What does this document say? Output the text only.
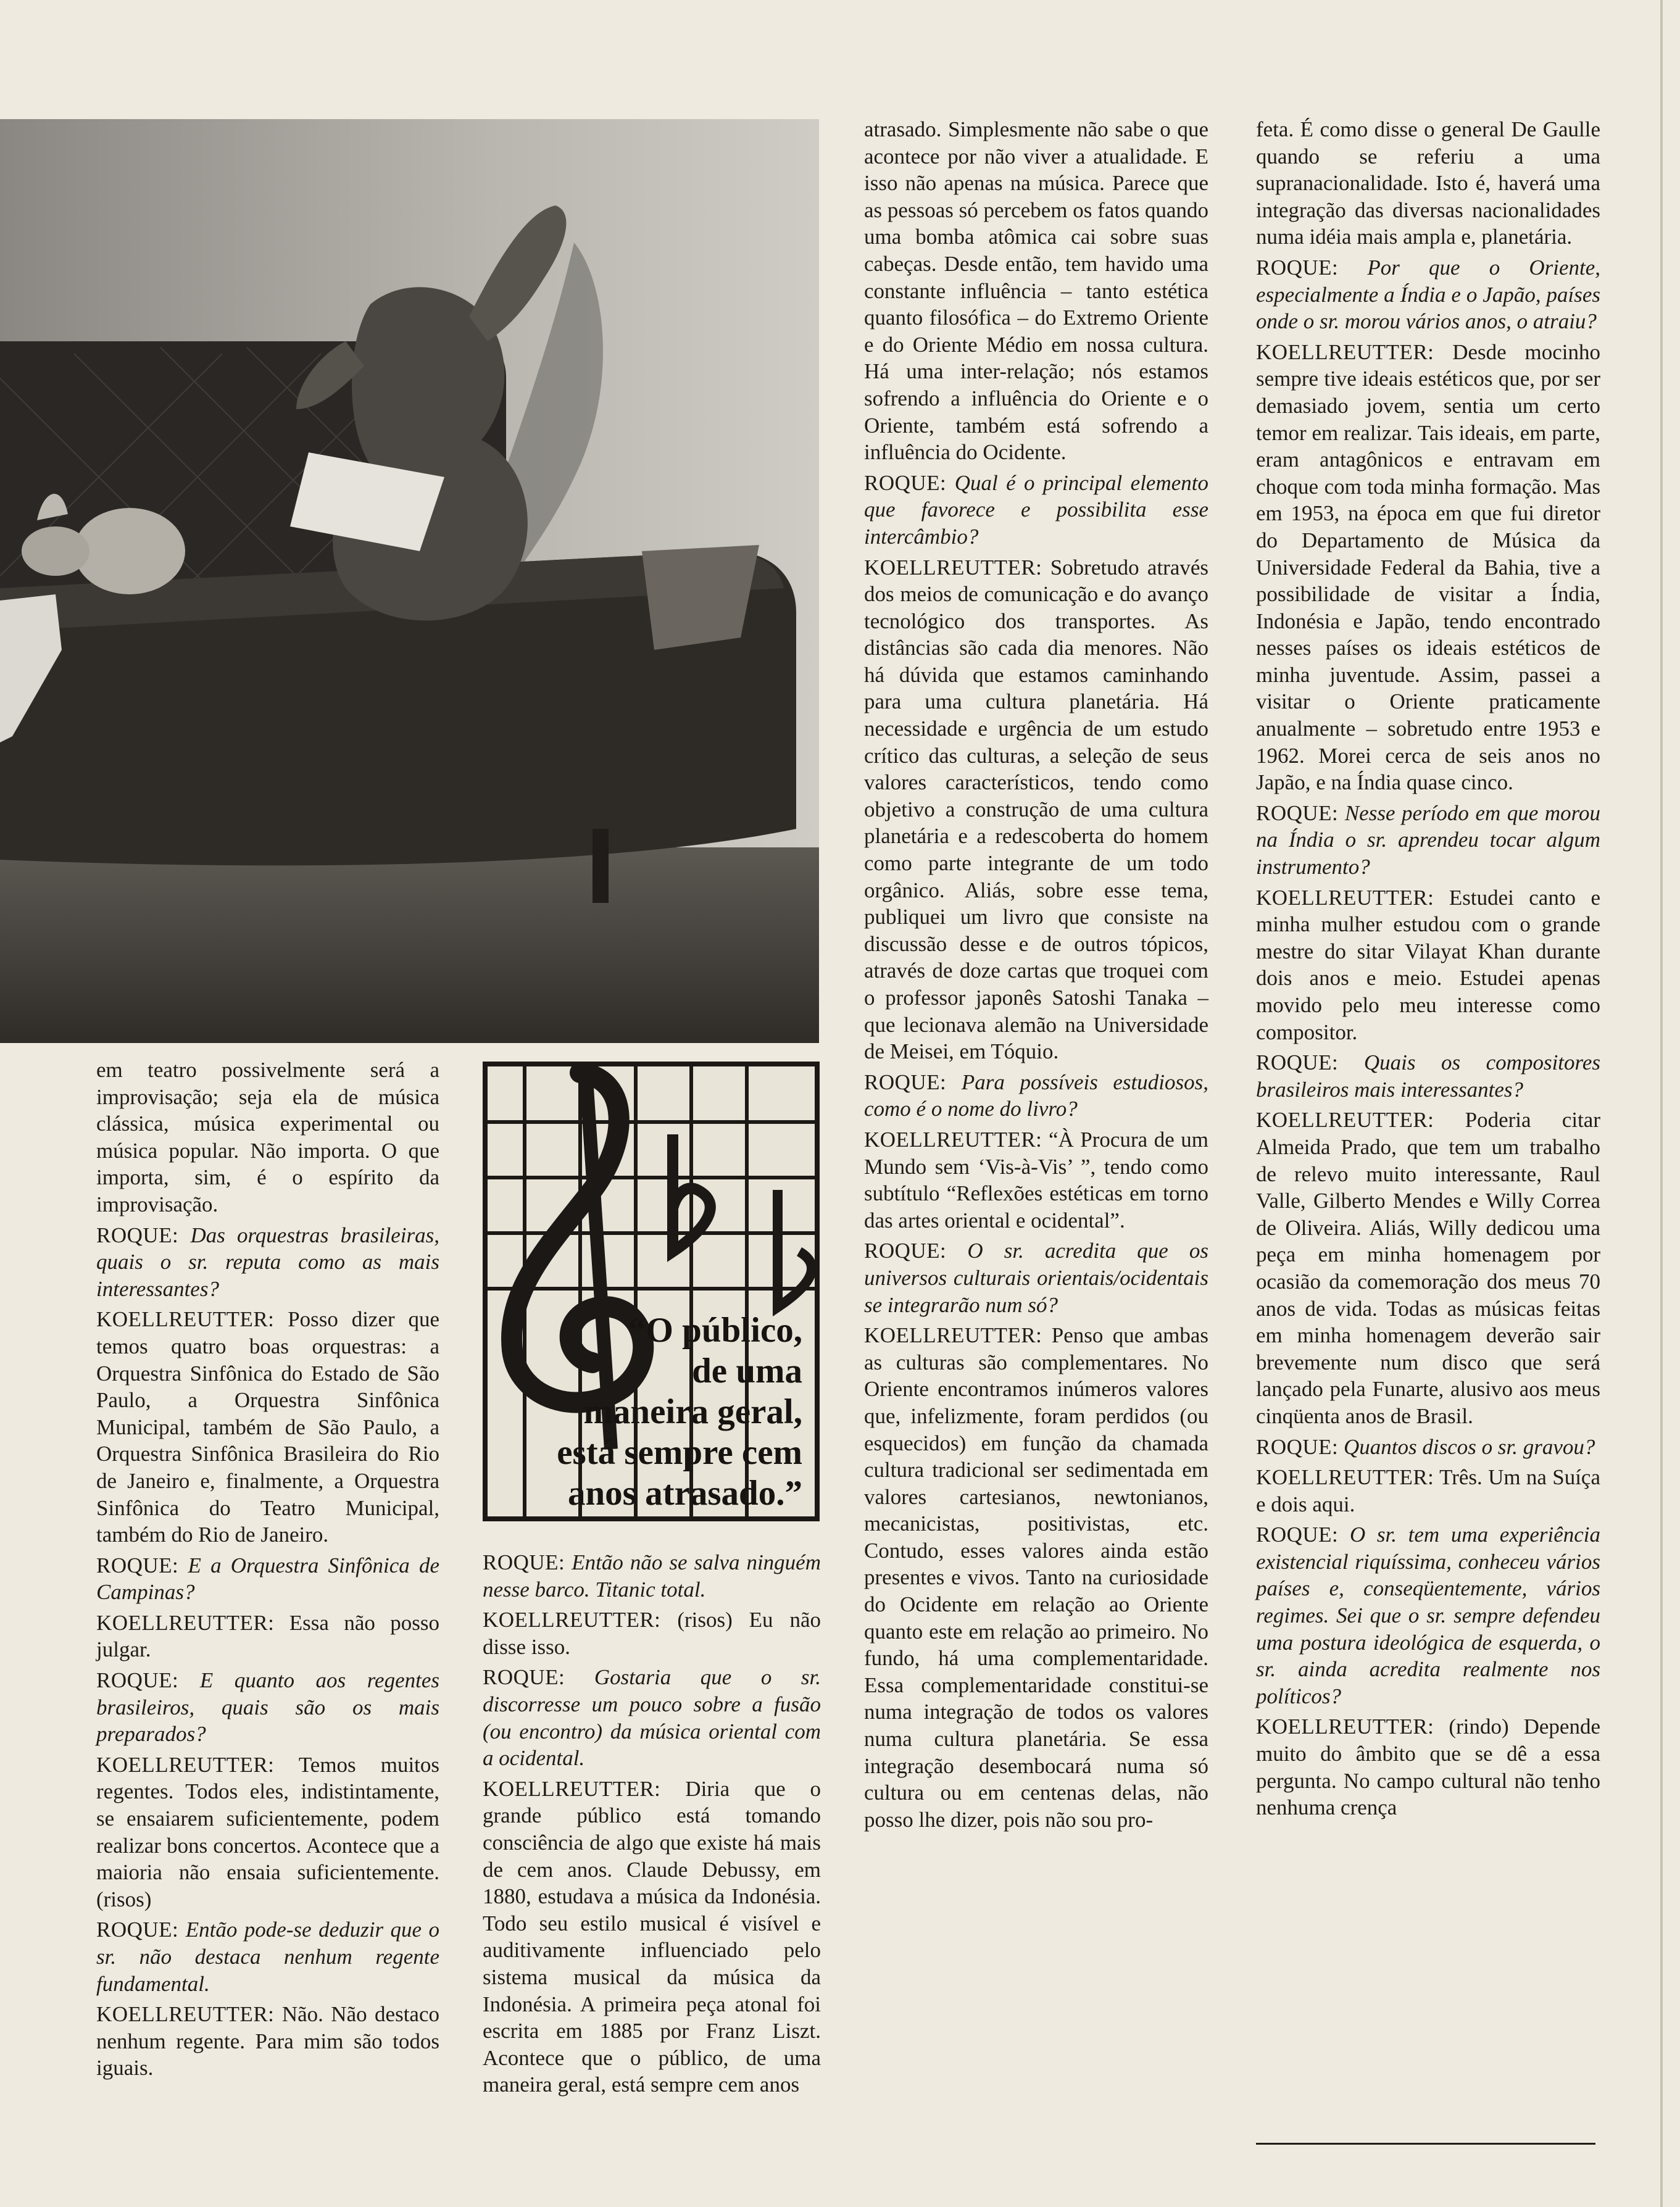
“O público,
de uma
maneira geral,
está sempre cem
anos atrasado.”

em teatro possivelmente será a improvisação; seja ela de música clássica, música experimental ou música popular. Não importa. O que importa, sim, é o espírito da improvisação.

ROQUE: Das orquestras brasileiras, quais o sr. reputa como as mais interessantes?

KOELLREUTTER: Posso dizer que temos quatro boas orquestras: a Orquestra Sinfônica do Estado de São Paulo, a Orquestra Sinfônica Municipal, também de São Paulo, a Orquestra Sinfônica Brasileira do Rio de Janeiro e, finalmente, a Orquestra Sinfônica do Teatro Municipal, também do Rio de Janeiro.

ROQUE: E a Orquestra Sinfônica de Campinas?

KOELLREUTTER: Essa não posso julgar.

ROQUE: E quanto aos regentes brasileiros, quais são os mais preparados?

KOELLREUTTER: Temos muitos regentes. Todos eles, indistintamente, se ensaiarem suficientemente, podem realizar bons concertos. Acontece que a maioria não ensaia suficientemente. (risos)

ROQUE: Então pode-se deduzir que o sr. não destaca nenhum regente fundamental.

KOELLREUTTER: Não. Não destaco nenhum regente. Para mim são todos iguais.

ROQUE: Então não se salva ninguém nesse barco. Titanic total.

KOELLREUTTER: (risos) Eu não disse isso.

ROQUE: Gostaria que o sr. discorresse um pouco sobre a fusão (ou encontro) da música oriental com a ocidental.

KOELLREUTTER: Diria que o grande público está tomando consciência de algo que existe há mais de cem anos. Claude Debussy, em 1880, estudava a música da Indonésia. Todo seu estilo musical é visível e auditivamente influenciado pelo sistema musical da música da Indonésia. A primeira peça atonal foi escrita em 1885 por Franz Liszt. Acontece que o público, de uma maneira geral, está sempre cem anos

atrasado. Simplesmente não sabe o que acontece por não viver a atualidade. E isso não apenas na música. Parece que as pessoas só percebem os fatos quando uma bomba atômica cai sobre suas cabeças. Desde então, tem havido uma constante influência – tanto estética quanto filosófica – do Extremo Oriente e do Oriente Médio em nossa cultura. Há uma inter-relação; nós estamos sofrendo a influência do Oriente e o Oriente, também está sofrendo a influência do Ocidente.

ROQUE: Qual é o principal elemento que favorece e possibilita esse intercâmbio?

KOELLREUTTER: Sobretudo através dos meios de comunicação e do avanço tecnológico dos transportes. As distâncias são cada dia menores. Não há dúvida que estamos caminhando para uma cultura planetária. Há necessidade e urgência de um estudo crítico das culturas, a seleção de seus valores característicos, tendo como objetivo a construção de uma cultura planetária e a redescoberta do homem como parte integrante de um todo orgânico. Aliás, sobre esse tema, publiquei um livro que consiste na discussão desse e de outros tópicos, através de doze cartas que troquei com o professor japonês Satoshi Tanaka – que lecionava alemão na Universidade de Meisei, em Tóquio.

ROQUE: Para possíveis estudiosos, como é o nome do livro?

KOELLREUTTER: “À Procura de um Mundo sem ‘Vis-à-Vis’ ”, tendo como subtítulo “Reflexões estéticas em torno das artes oriental e ocidental”.

ROQUE: O sr. acredita que os universos culturais orientais/ocidentais se integrarão num só?

KOELLREUTTER: Penso que ambas as culturas são complementares. No Oriente encontramos inúmeros valores que, infelizmente, foram perdidos (ou esquecidos) em função da chamada cultura tradicional ser sedimentada em valores cartesianos, newtonianos, mecanicistas, positivistas, etc. Contudo, esses valores ainda estão presentes e vivos. Tanto na curiosidade do Ocidente em relação ao Oriente quanto este em relação ao primeiro. No fundo, há uma complementaridade. Essa complementaridade constitui-se numa integração de todos os valores numa cultura planetária. Se essa integração desembocará numa só cultura ou em centenas delas, não posso lhe dizer, pois não sou pro-

feta. É como disse o general De Gaulle quando se referiu a uma supranacionalidade. Isto é, haverá uma integração das diversas nacionalidades numa idéia mais ampla e, planetária.

ROQUE: Por que o Oriente, especialmente a Índia e o Japão, países onde o sr. morou vários anos, o atraiu?

KOELLREUTTER: Desde mocinho sempre tive ideais estéticos que, por ser demasiado jovem, sentia um certo temor em realizar. Tais ideais, em parte, eram antagônicos e entravam em choque com toda minha formação. Mas em 1953, na época em que fui diretor do Departamento de Música da Universidade Federal da Bahia, tive a possibilidade de visitar a Índia, Indonésia e Japão, tendo encontrado nesses países os ideais estéticos de minha juventude. Assim, passei a visitar o Oriente praticamente anualmente – sobretudo entre 1953 e 1962. Morei cerca de seis anos no Japão, e na Índia quase cinco.

ROQUE: Nesse período em que morou na Índia o sr. aprendeu tocar algum instrumento?

KOELLREUTTER: Estudei canto e minha mulher estudou com o grande mestre do sitar Vilayat Khan durante dois anos e meio. Estudei apenas movido pelo meu interesse como compositor.

ROQUE: Quais os compositores brasileiros mais interessantes?

KOELLREUTTER: Poderia citar Almeida Prado, que tem um trabalho de relevo muito interessante, Raul Valle, Gilberto Mendes e Willy Correa de Oliveira. Aliás, Willy dedicou uma peça em minha homenagem por ocasião da comemoração dos meus 70 anos de vida. Todas as músicas feitas em minha homenagem deverão sair brevemente num disco que será lançado pela Funarte, alusivo aos meus cinqüenta anos de Brasil.

ROQUE: Quantos discos o sr. gravou?

KOELLREUTTER: Três. Um na Suíça e dois aqui.

ROQUE: O sr. tem uma experiência existencial riquíssima, conheceu vários países e, conseqüentemente, vários regimes. Sei que o sr. sempre defendeu uma postura ideológica de esquerda, o sr. ainda acredita realmente nos políticos?

KOELLREUTTER: (rindo) Depende muito do âmbito que se dê a essa pergunta. No campo cultural não tenho nenhuma crença
